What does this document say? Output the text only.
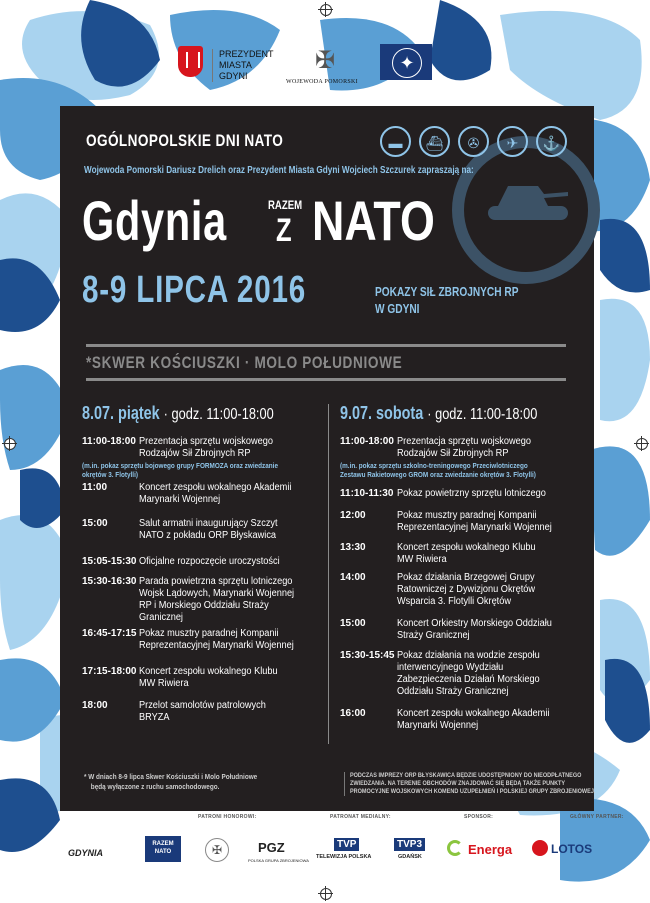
PREZYDENT
MIASTA
GDYNI
✠
WOJEWODA POMORSKI
✦
OGÓLNOPOLSKIE DNI NATO	▬	⛴	✇	✈	⚓
Wojewoda Pomorski Dariusz Drelich oraz Prezydent Miasta Gdyni Wojciech Szczurek zapraszają na:
Gdynia	RAZEM
Z NATO
8-9 LIPCA 2016	POKAZY SIŁ ZBROJNYCH RP
W GDYNI
*SKWER KOŚCIUSZKI · MOLO POŁUDNIOWE
8.07. piątek · godz. 11:00-18:00	9.07. sobota · godz. 11:00-18:00
11:00-18:00 Prezentacja sprzętu wojskowego Rodzajów Sił Zbrojnych RP
(m.in. pokaz sprzętu bojowego grupy FORMOZA oraz zwiedzanie
okrętów 3. Flotylli)
11:00	Koncert zespołu wokalnego Akademii Marynarki Wojennej
15:00	Salut armatni inaugurujący Szczyt NATO z pokładu ORP Błyskawica
15:05-15:30 Oficjalne rozpoczęcie uroczystości
15:30-16:30 Parada powietrzna sprzętu lotniczego Wojsk Lądowych, Marynarki Wojennej RP i Morskiego Oddziału Straży Granicznej
16:45-17:15 Pokaz musztry paradnej Kompanii Reprezentacyjnej Marynarki Wojennej
17:15-18:00 Koncert zespołu wokalnego Klubu MW Riwiera
18:00	Przelot samolotów patrolowych BRYZA
11:00-18:00 Prezentacja sprzętu wojskowego Rodzajów Sił Zbrojnych RP
(m.in. pokaz sprzętu szkolno-treningowego Przeciwlotniczego
Zestawu Rakietowego GROM oraz zwiedzanie okrętów 3. Flotylli)
11:10-11:30 Pokaz powietrzny sprzętu lotniczego
12:00	Pokaz musztry paradnej Kompanii Reprezentacyjnej Marynarki Wojennej
13:30	Koncert zespołu wokalnego Klubu MW Riwiera
14:00	Pokaz działania Brzegowej Grupy Ratowniczej z Dywizjonu Okrętów Wsparcia 3. Flotylli Okrętów
15:00	Koncert Orkiestry Morskiego Oddziału Straży Granicznej
15:30-15:45 Pokaz działania na wodzie zespołu interwencyjnego Wydziału Zabezpieczenia Działań Morskiego Oddziału Straży Granicznej
16:00	Koncert zespołu wokalnego Akademii Marynarki Wojennej
* W dniach 8-9 lipca Skwer Kościuszki i Molo Południowe
będą wyłączone z ruchu samochodowego.
PODCZAS IMPREZY ORP BŁYSKAWICA BĘDZIE UDOSTĘPNIONY DO NIEODPŁATNEGO
ZWIEDZANIA. NA TERENIE OBCHODÓW ZNAJDOWAĆ SIĘ BĘDĄ TAKŻE PUNKTY
PROMOCYJNE WOJSKOWYCH KOMEND UZUPEŁNIEŃ I POLSKIEJ GRUPY ZBROJENIOWEJ.
PATRONI HONOROWI:	PATRONAT MEDIALNY:	SPONSOR:	GŁÓWNY PARTNER:
GDYNIA
RAZEM
NATO	✠	PGZ
POLSKA GRUPA ZBROJENIOWA
TVP
TELEWIZJA POLSKA
TVP3
GDAŃSK	Energa	LOTOS
